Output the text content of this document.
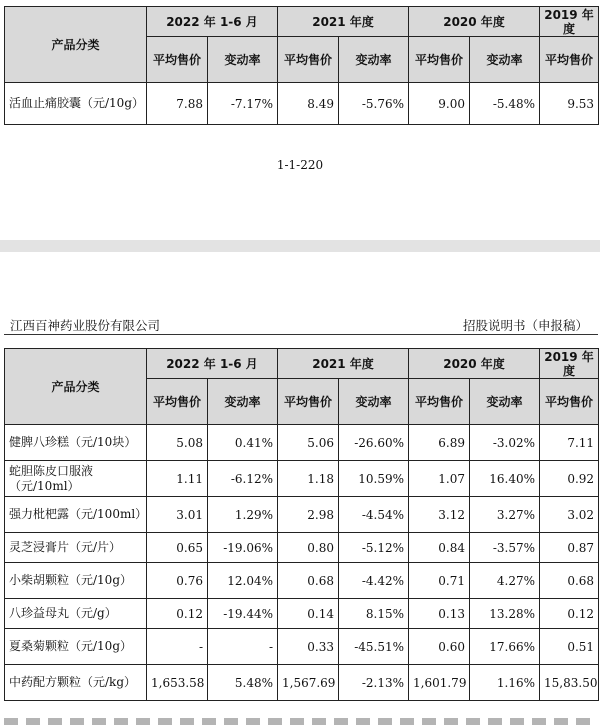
产品分类	2022 年 1-6 月		2021 年度		2020 年度		2019 年度
	平均售价	变动率	平均售价	变动率	平均售价	变动率	平均售价
活血止痛胶囊（元/10g）	7.88	-7.17%	8.49	-5.76%	9.00	-5.48%	9.53
1-1-220
江西百神药业股份有限公司	招股说明书（申报稿）
产品分类	2022 年 1-6 月		2021 年度		2020 年度		2019 年度
	平均售价	变动率	平均售价	变动率	平均售价	变动率	平均售价
健脾八珍糕（元/10块）	5.08	0.41%	5.06	-26.60%	6.89	-3.02%	7.11
蛇胆陈皮口服液（元/10ml）	1.11	-6.12%	1.18	10.59%	1.07	16.40%	0.92
强力枇杷露（元/100ml）	3.01	1.29%	2.98	-4.54%	3.12	3.27%	3.02
灵芝浸膏片（元/片）	0.65	-19.06%	0.80	-5.12%	0.84	-3.57%	0.87
小柴胡颗粒（元/10g）	0.76	12.04%	0.68	-4.42%	0.71	4.27%	0.68
八珍益母丸（元/g）	0.12	-19.44%	0.14	8.15%	0.13	13.28%	0.12
夏桑菊颗粒（元/10g）	-	-	0.33	-45.51%	0.60	17.66%	0.51
中药配方颗粒（元/kg）	1,653.58	5.48%	1,567.69	-2.13%	1,601.79	1.16%	15,83.50
